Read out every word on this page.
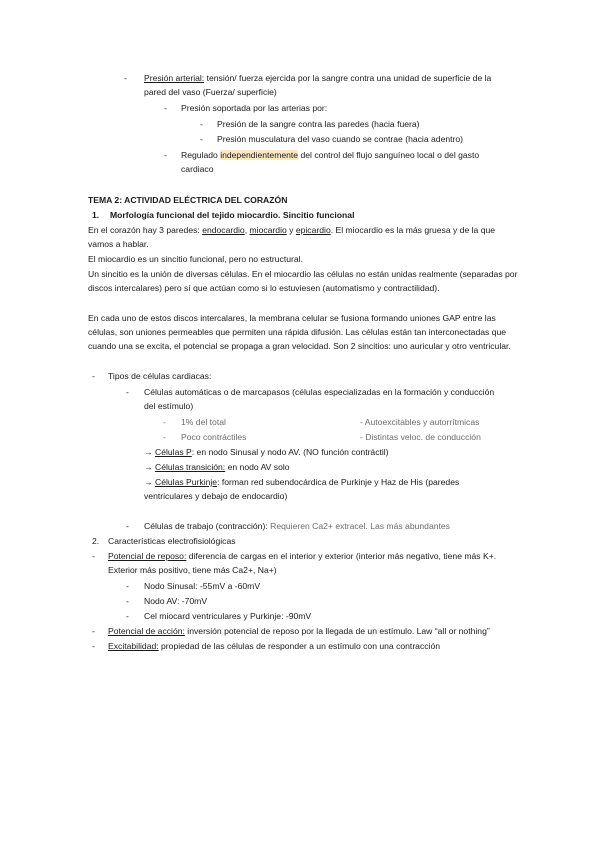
- Presión arterial: tensión/ fuerza ejercida por la sangre contra una unidad de superficie de la
pared del vaso (Fuerza/ superficie)
- Presión soportada por las arterias por:
- Presión de la sangre contra las paredes (hacia fuera)
- Presión musculatura del vaso cuando se contrae (hacia adentro)
- Regulado independientemente del control del flujo sanguíneo local o del gasto
cardiaco
TEMA 2: ACTIVIDAD ELÉCTRICA DEL CORAZÓN
1. Morfología funcional del tejido miocardio. Sincitio funcional
En el corazón hay 3 paredes: endocardio, miocardio y epicardio. El miocardio es la más gruesa y de la que
vamos a hablar.
El miocardio es un sincitio funcional, pero no estructural.
Un sincitio es la unión de diversas células. En el miocardio las células no están unidas realmente (separadas por
discos intercalares) pero sí que actúan como si lo estuviesen (automatismo y contractilidad).
En cada uno de estos discos intercalares, la membrana celular se fusiona formando uniones GAP entre las
células, son uniones permeables que permiten una rápida difusión. Las células están tan interconectadas que
cuando una se excita, el potencial se propaga a gran velocidad. Son 2 sincitios: uno auricular y otro ventricular.
- Tipos de células cardiacas:
- Células automáticas o de marcapasos (células especializadas en la formación y conducción
del estímulo)
- 1% del total	- Autoexcitables y autorrítmicas
- Poco contráctiles	- Distintas veloc. de conducción
→ Células P: en nodo Sinusal y nodo AV. (NO función contráctil)
→ Células transición: en nodo AV solo
→ Células Purkinje: forman red subendocárdica de Purkinje y Haz de His (paredes
ventriculares y debajo de endocardio)
- Células de trabajo (contracción): Requieren Ca2+ extracel. Las más abundantes
2. Características electrofisiológicas
- Potencial de reposo: diferencia de cargas en el interior y exterior (interior más negativo, tiene más K+.
Exterior más positivo, tiene más Ca2+, Na+)
- Nodo Sinusal: -55mV a -60mV
- Nodo AV: -70mV
- Cel miocard ventriculares y Purkinje: -90mV
- Potencial de acción: inversión potencial de reposo por la llegada de un estímulo. Law “all or nothing”
- Excitabilidad: propiedad de las células de responder a un estímulo con una contracción
